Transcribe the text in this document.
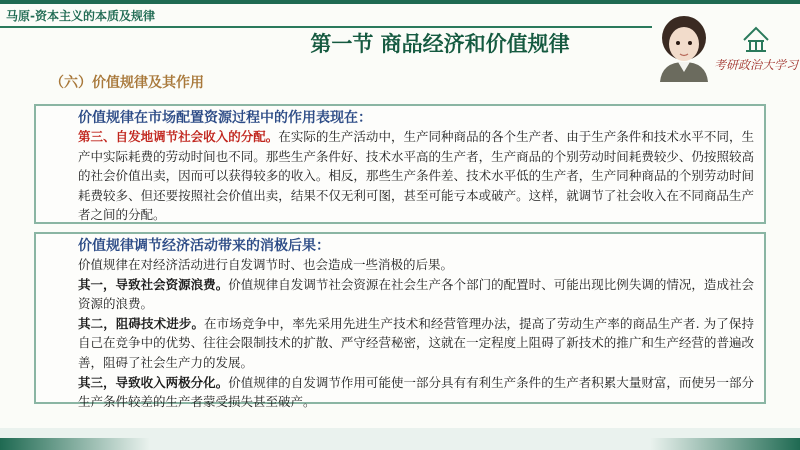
马原-资本主义的本质及规律
第一节 商品经济和价值规律
考研政治大学习
（六）价值规律及其作用
价值规律在市场配置资源过程中的作用表现在：

第三、自发地调节社会收入的分配。在实际的生产活动中，生产同种商品的各个生产者、由于生产条件和技术水平不同，生产中实际耗费的劳动时间也不同。那些生产条件好、技术水平高的生产者，生产商品的个别劳动时间耗费较少、仍按照较高的社会价值出卖，因而可以获得较多的收入。相反，那些生产条件差、技术水平低的生产者，生产同种商品的个别劳动时间耗费较多、但还要按照社会价值出卖，结果不仅无利可图，甚至可能亏本或破产。这样，就调节了社会收入在不同商品生产者之间的分配。

价值规律调节经济活动带来的消极后果：

价值规律在对经济活动进行自发调节时、也会造成一些消极的后果。

其一，导致社会资源浪费。价值规律自发调节社会资源在社会生产各个部门的配置时、可能出现比例失调的情况，造成社会资源的浪费。

其二，阻碍技术进步。在市场竞争中，率先采用先进生产技术和经营管理办法，提高了劳动生产率的商品生产者. 为了保持自己在竞争中的优势、往往会限制技术的扩散、严守经营秘密，这就在一定程度上阻碍了新技术的推广和生产经营的普遍改善，阻碍了社会生产力的发展。

其三，导致收入两极分化。价值规律的自发调节作用可能使一部分具有有利生产条件的生产者积累大量财富，而使另一部分生产条件较差的生产者蒙受损失甚至破产。
